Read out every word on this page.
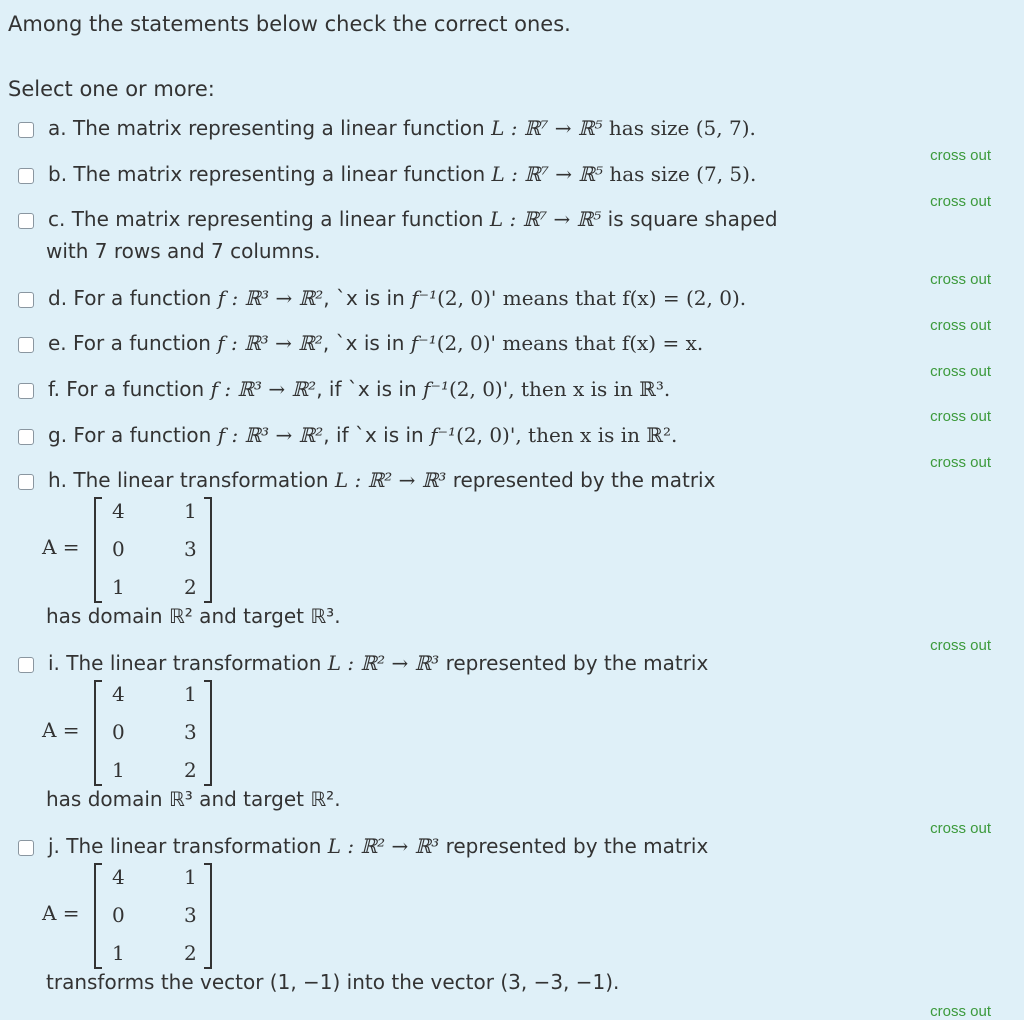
Among the statements below check the correct ones.
Select one or more:
a. The matrix representing a linear function L : ℝ⁷ → ℝ⁵ has size (5, 7).
cross out
b. The matrix representing a linear function L : ℝ⁷ → ℝ⁵ has size (7, 5).
cross out
c. The matrix representing a linear function L : ℝ⁷ → ℝ⁵ is square shaped
with 7 rows and 7 columns.
cross out
d. For a function f : ℝ³ → ℝ², `x is in f⁻¹(2, 0)' means that f(x) = (2, 0).
cross out
e. For a function f : ℝ³ → ℝ², `x is in f⁻¹(2, 0)' means that f(x) = x.
cross out
f. For a function f : ℝ³ → ℝ², if `x is in f⁻¹(2, 0)', then x is in ℝ³.
cross out
g. For a function f : ℝ³ → ℝ², if `x is in f⁻¹(2, 0)', then x is in ℝ².
cross out
h. The linear transformation L : ℝ² → ℝ³ represented by the matrix
A =
4	1
0	3
1	2
has domain ℝ² and target ℝ³.
cross out
i. The linear transformation L : ℝ² → ℝ³ represented by the matrix
A =
4	1
0	3
1	2
has domain ℝ³ and target ℝ².
cross out
j. The linear transformation L : ℝ² → ℝ³ represented by the matrix
A =
4	1
0	3
1	2
transforms the vector (1, −1) into the vector (3, −3, −1).
cross out
